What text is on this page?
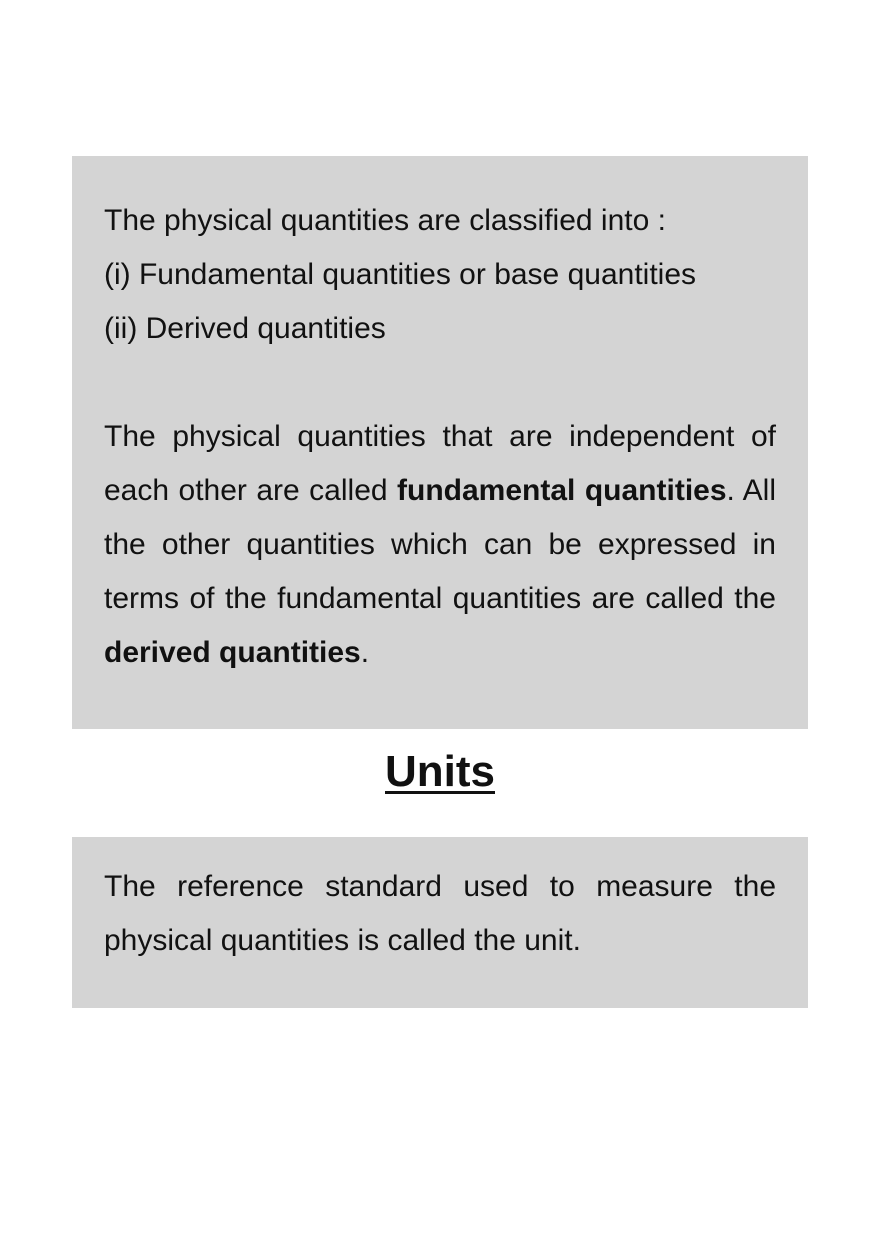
The physical quantities are classified into :
(i) Fundamental quantities or base quantities
(ii) Derived quantities
The physical quantities that are independent of each other are called fundamental quantities. All the other quantities which can be expressed in terms of the fundamental quantities are called the derived quantities.
Units
The reference standard used to measure the physical quantities is called the unit.
